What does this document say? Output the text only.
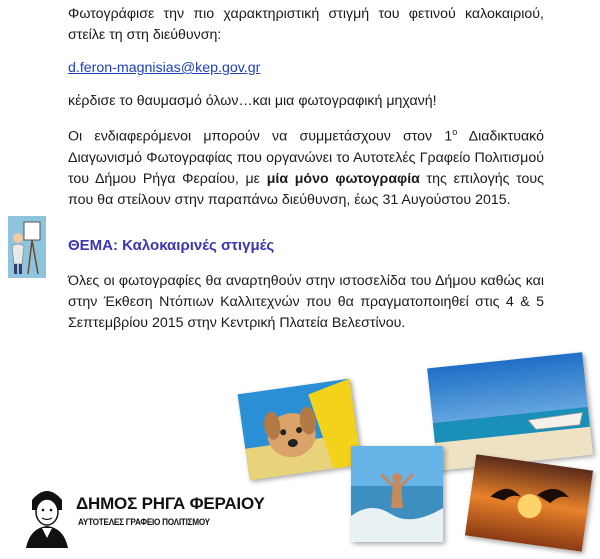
Φωτογράφισε την πιο χαρακτηριστική στιγμή του φετινού καλοκαιριού, στείλε τη στη διεύθυνση:

d.feron-magnisias@kep.gov.gr

κέρδισε το θαυμασμό όλων…και μια φωτογραφική μηχανή!

Οι ενδιαφερόμενοι μπορούν να συμμετάσχουν στον $1^o$ Διαδικτυακό Διαγωνισμό Φωτογραφίας που οργανώνει το Αυτοτελές Γραφείο Πολιτισμού του Δήμου Ρήγα Φεραίου, με μία μόνο φωτογραφία της επιλογής τους που θα στείλουν στην παραπάνω διεύθυνση, έως 31 Αυγούστου 2015.

ΘΕΜΑ: Καλοκαιρινές στιγμές

Όλες οι φωτογραφίες θα αναρτηθούν στην ιστοσελίδα του Δήμου καθώς και στην Έκθεση Ντόπιων Καλλιτεχνών που θα πραγματοποιηθεί στις 4 & 5 Σεπτεμβρίου 2015 στην Κεντρική Πλατεία Βελεστίνου.

ΔΗΜΟΣ ΡΗΓΑ ΦΕΡΑΙΟΥ
ΑΥΤΟΤΕΛΕΣ ΓΡΑΦΕΙΟ ΠΟΛΙΤΙΣΜΟΥ
